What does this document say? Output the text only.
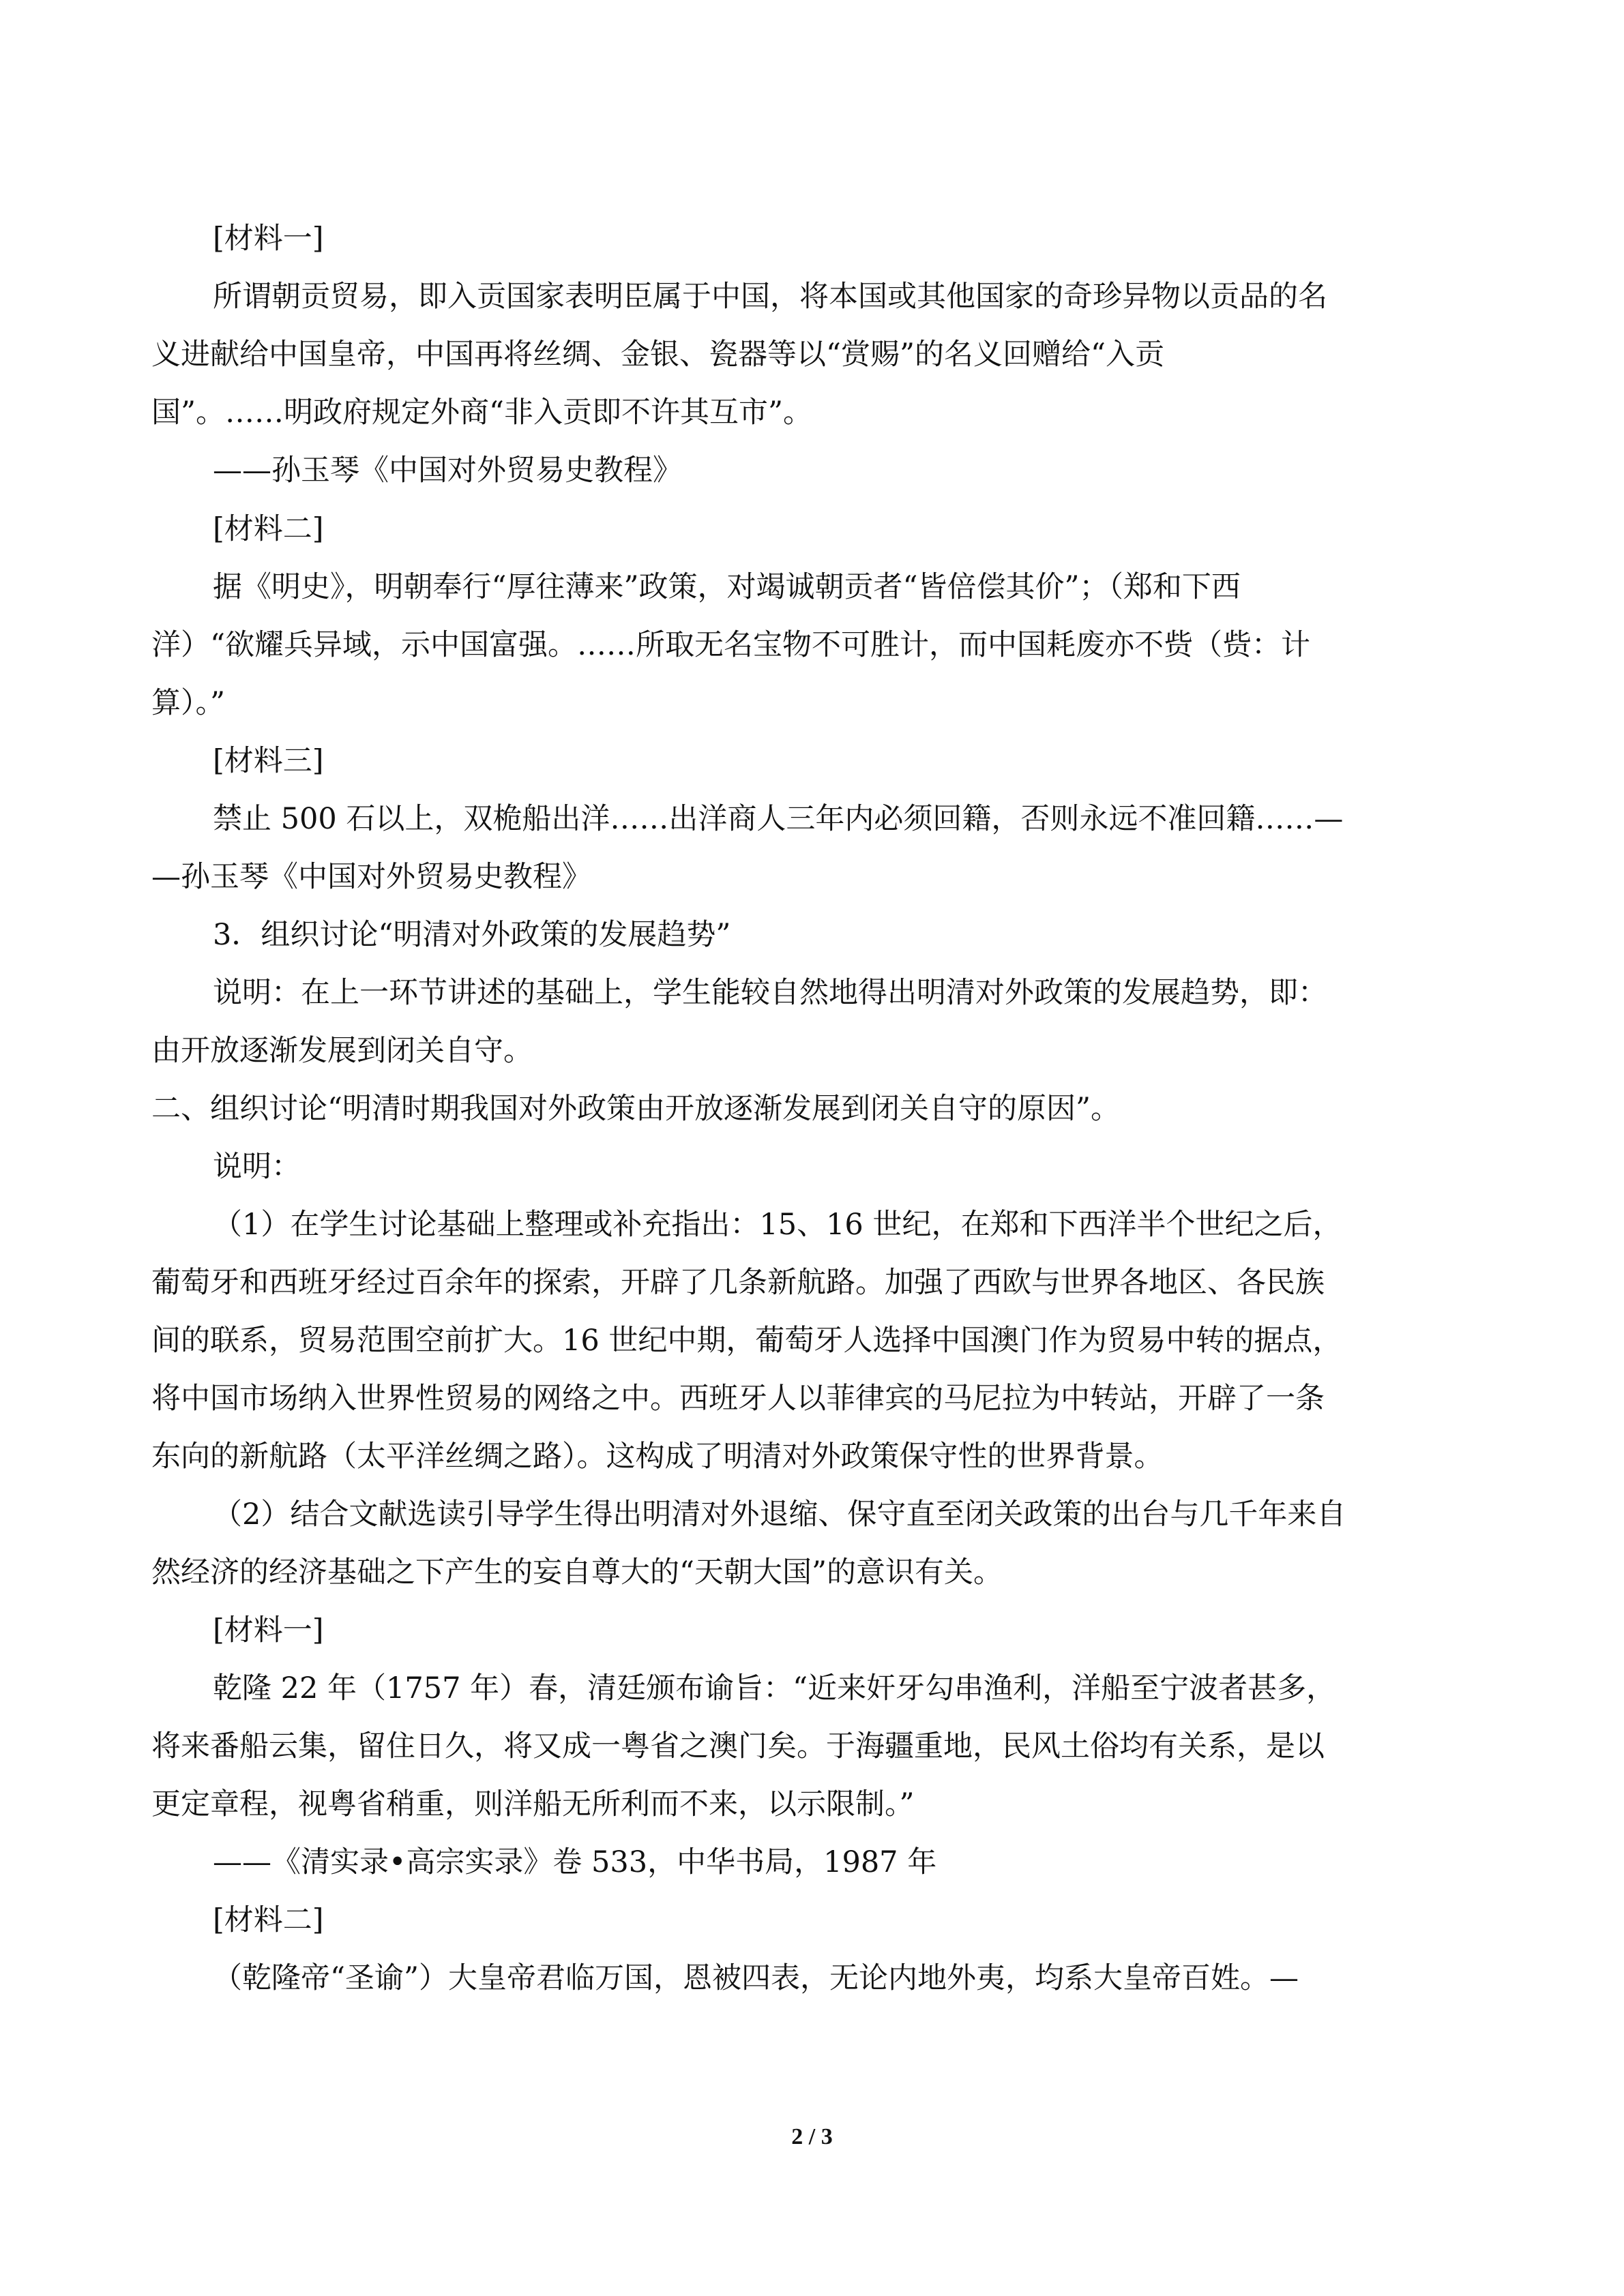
[材料一]
所谓朝贡贸易，即入贡国家表明臣属于中国，将本国或其他国家的奇珍异物以贡品的名
义进献给中国皇帝，中国再将丝绸、金银、瓷器等以“赏赐”的名义回赠给“入贡
国”。……明政府规定外商“非入贡即不许其互市”。
——孙玉琴《中国对外贸易史教程》
[材料二]
据《明史》，明朝奉行“厚往薄来”政策，对竭诚朝贡者“皆倍偿其价”；（郑和下西
洋）“欲耀兵异域，示中国富强。……所取无名宝物不可胜计，而中国耗废亦不赀（赀：计
算）。”
[材料三]
禁止 500 石以上，双桅船出洋……出洋商人三年内必须回籍，否则永远不准回籍……—
—孙玉琴《中国对外贸易史教程》
3．组织讨论“明清对外政策的发展趋势”
说明：在上一环节讲述的基础上，学生能较自然地得出明清对外政策的发展趋势，即：
由开放逐渐发展到闭关自守。
二、组织讨论“明清时期我国对外政策由开放逐渐发展到闭关自守的原因”。
说明：
（1）在学生讨论基础上整理或补充指出：15、16 世纪，在郑和下西洋半个世纪之后，
葡萄牙和西班牙经过百余年的探索，开辟了几条新航路。加强了西欧与世界各地区、各民族
间的联系，贸易范围空前扩大。16 世纪中期，葡萄牙人选择中国澳门作为贸易中转的据点，
将中国市场纳入世界性贸易的网络之中。西班牙人以菲律宾的马尼拉为中转站，开辟了一条
东向的新航路（太平洋丝绸之路）。这构成了明清对外政策保守性的世界背景。
（2）结合文献选读引导学生得出明清对外退缩、保守直至闭关政策的出台与几千年来自
然经济的经济基础之下产生的妄自尊大的“天朝大国”的意识有关。
[材料一]
乾隆 22 年（1757 年）春，清廷颁布谕旨：“近来奸牙勾串渔利，洋船至宁波者甚多，
将来番船云集，留住日久，将又成一粤省之澳门矣。于海疆重地，民风土俗均有关系，是以
更定章程，视粤省稍重，则洋船无所利而不来，以示限制。”
——《清实录•高宗实录》卷 533，中华书局，1987 年
[材料二]
（乾隆帝“圣谕”）大皇帝君临万国，恩被四表，无论内地外夷，均系大皇帝百姓。—
2 / 3
